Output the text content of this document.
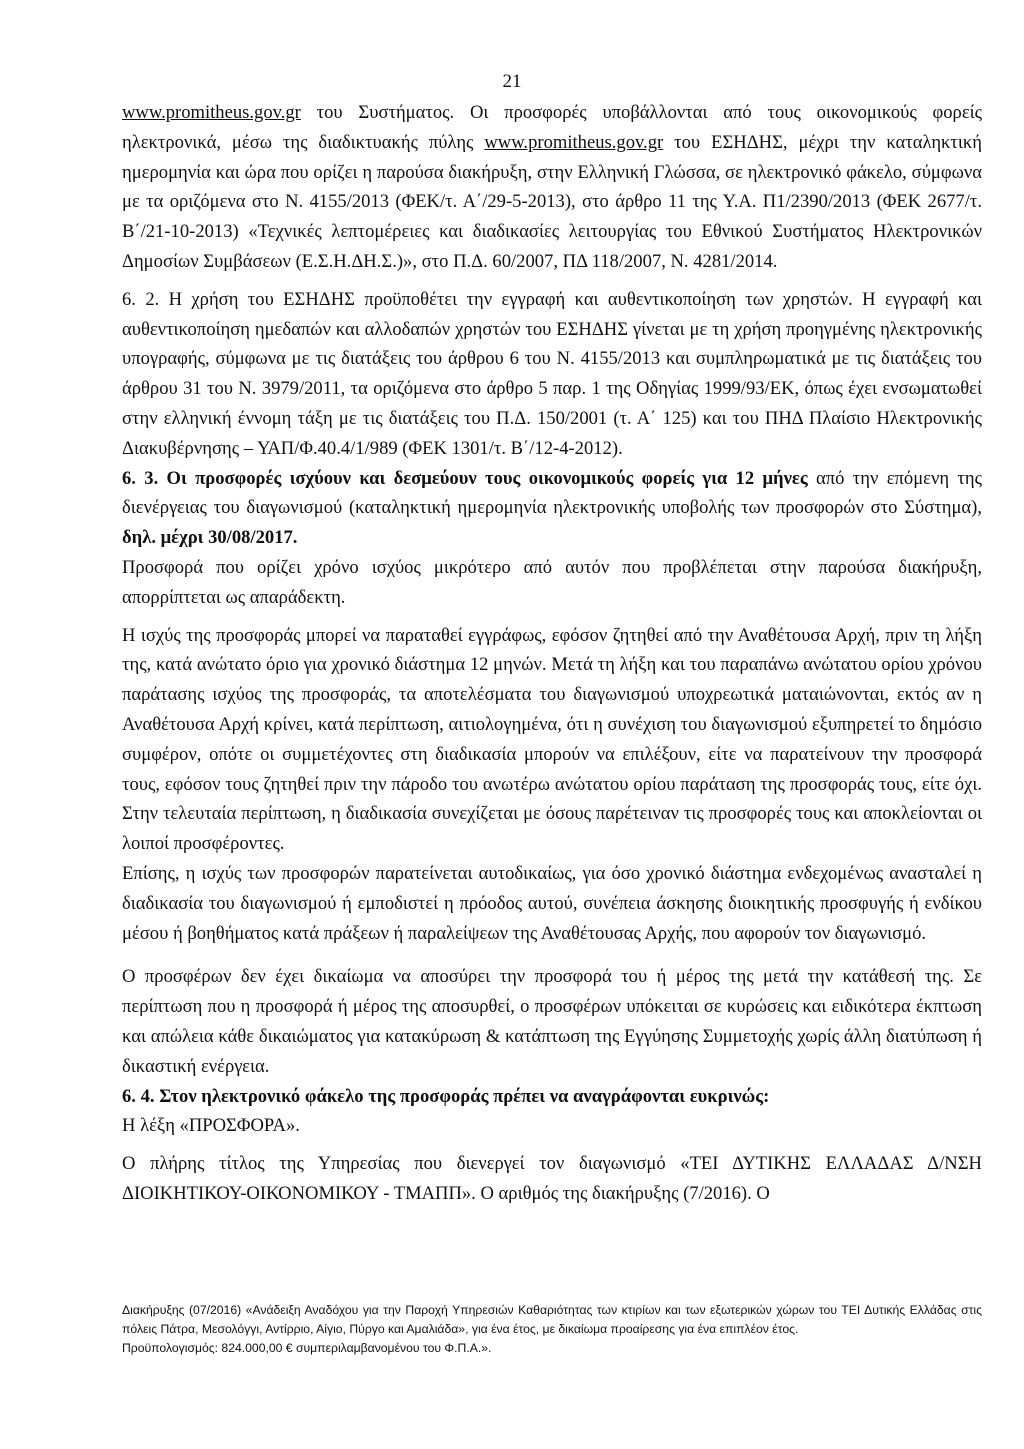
21

www.promitheus.gov.gr του Συστήματος. Οι προσφορές υποβάλλονται από τους οικονομικούς φορείς ηλεκτρονικά, μέσω της διαδικτυακής πύλης www.promitheus.gov.gr του ΕΣΗΔΗΣ, μέχρι την καταληκτική ημερομηνία και ώρα που ορίζει η παρούσα διακήρυξη, στην Ελληνική Γλώσσα, σε ηλεκτρονικό φάκελο, σύμφωνα με τα οριζόμενα στο Ν. 4155/2013 (ΦΕΚ/τ. Α΄/29-5-2013), στο άρθρο 11 της Υ.Α. Π1/2390/2013 (ΦΕΚ 2677/τ. Β΄/21-10-2013) «Τεχνικές λεπτομέρειες και διαδικασίες λειτουργίας του Εθνικού Συστήματος Ηλεκτρονικών Δημοσίων Συμβάσεων (Ε.Σ.Η.ΔΗ.Σ.)», στο Π.Δ. 60/2007, ΠΔ 118/2007, Ν. 4281/2014.

6. 2. Η χρήση του ΕΣΗΔΗΣ προϋποθέτει την εγγραφή και αυθεντικοποίηση των χρηστών. Η εγγραφή και αυθεντικοποίηση ημεδαπών και αλλοδαπών χρηστών του ΕΣΗΔΗΣ γίνεται με τη χρήση προηγμένης ηλεκτρονικής υπογραφής, σύμφωνα με τις διατάξεις του άρθρου 6 του Ν. 4155/2013 και συμπληρωματικά με τις διατάξεις του άρθρου 31 του Ν. 3979/2011, τα οριζόμενα στο άρθρο 5 παρ. 1 της Οδηγίας 1999/93/ΕΚ, όπως έχει ενσωματωθεί στην ελληνική έννομη τάξη με τις διατάξεις του Π.Δ. 150/2001 (τ. Α΄ 125) και του ΠΗΔ Πλαίσιο Ηλεκτρονικής Διακυβέρνησης – ΥΑΠ/Φ.40.4/1/989 (ΦΕΚ 1301/τ. Β΄/12-4-2012).

6. 3. Οι προσφορές ισχύουν και δεσμεύουν τους οικονομικούς φορείς για 12 μήνες από την επόμενη της διενέργειας του διαγωνισμού (καταληκτική ημερομηνία ηλεκτρονικής υποβολής των προσφορών στο Σύστημα), δηλ. μέχρι 30/08/2017.

Προσφορά που ορίζει χρόνο ισχύος μικρότερο από αυτόν που προβλέπεται στην παρούσα διακήρυξη, απορρίπτεται ως απαράδεκτη.

Η ισχύς της προσφοράς μπορεί να παραταθεί εγγράφως, εφόσον ζητηθεί από την Αναθέτουσα Αρχή, πριν τη λήξη της, κατά ανώτατο όριο για χρονικό διάστημα 12 μηνών. Μετά τη λήξη και του παραπάνω ανώτατου ορίου χρόνου παράτασης ισχύος της προσφοράς, τα αποτελέσματα του διαγωνισμού υποχρεωτικά ματαιώνονται, εκτός αν η Αναθέτουσα Αρχή κρίνει, κατά περίπτωση, αιτιολογημένα, ότι η συνέχιση του διαγωνισμού εξυπηρετεί το δημόσιο συμφέρον, οπότε οι συμμετέχοντες στη διαδικασία μπορούν να επιλέξουν, είτε να παρατείνουν την προσφορά τους, εφόσον τους ζητηθεί πριν την πάροδο του ανωτέρω ανώτατου ορίου παράταση της προσφοράς τους, είτε όχι. Στην τελευταία περίπτωση, η διαδικασία συνεχίζεται με όσους παρέτειναν τις προσφορές τους και αποκλείονται οι λοιποί προσφέροντες.

Επίσης, η ισχύς των προσφορών παρατείνεται αυτοδικαίως, για όσο χρονικό διάστημα ενδεχομένως ανασταλεί η διαδικασία του διαγωνισμού ή εμποδιστεί η πρόοδος αυτού, συνέπεια άσκησης διοικητικής προσφυγής ή ενδίκου μέσου ή βοηθήματος κατά πράξεων ή παραλείψεων της Αναθέτουσας Αρχής, που αφορούν τον διαγωνισμό.

Ο προσφέρων δεν έχει δικαίωμα να αποσύρει την προσφορά του ή μέρος της μετά την κατάθεσή της. Σε περίπτωση που η προσφορά ή μέρος της αποσυρθεί, ο προσφέρων υπόκειται σε κυρώσεις και ειδικότερα έκπτωση και απώλεια κάθε δικαιώματος για κατακύρωση & κατάπτωση της Εγγύησης Συμμετοχής χωρίς άλλη διατύπωση ή δικαστική ενέργεια.

6. 4. Στον ηλεκτρονικό φάκελο της προσφοράς πρέπει να αναγράφονται ευκρινώς:

Η λέξη «ΠΡΟΣΦΟΡΑ».

Ο πλήρης τίτλος της Υπηρεσίας που διενεργεί τον διαγωνισμό «ΤΕΙ ΔΥΤΙΚΗΣ ΕΛΛΑΔΑΣ Δ/ΝΣΗ ΔΙΟΙΚΗΤΙΚΟΥ-ΟΙΚΟΝΟΜΙΚΟΥ - ΤΜΑΠΠ». Ο αριθμός της διακήρυξης (7/2016). Ο

Διακήρυξης (07/2016) «Ανάδειξη Αναδόχου για την Παροχή Υπηρεσιών Καθαριότητας των κτιρίων και των εξωτερικών χώρων του ΤΕΙ Δυτικής Ελλάδας στις πόλεις Πάτρα, Μεσολόγγι, Αντίρριο, Αίγιο, Πύργο και Αμαλιάδα», για ένα έτος, με δικαίωμα προαίρεσης για ένα επιπλέον έτος.

Προϋπολογισμός: 824.000,00 € συμπεριλαμβανομένου του Φ.Π.Α.».
